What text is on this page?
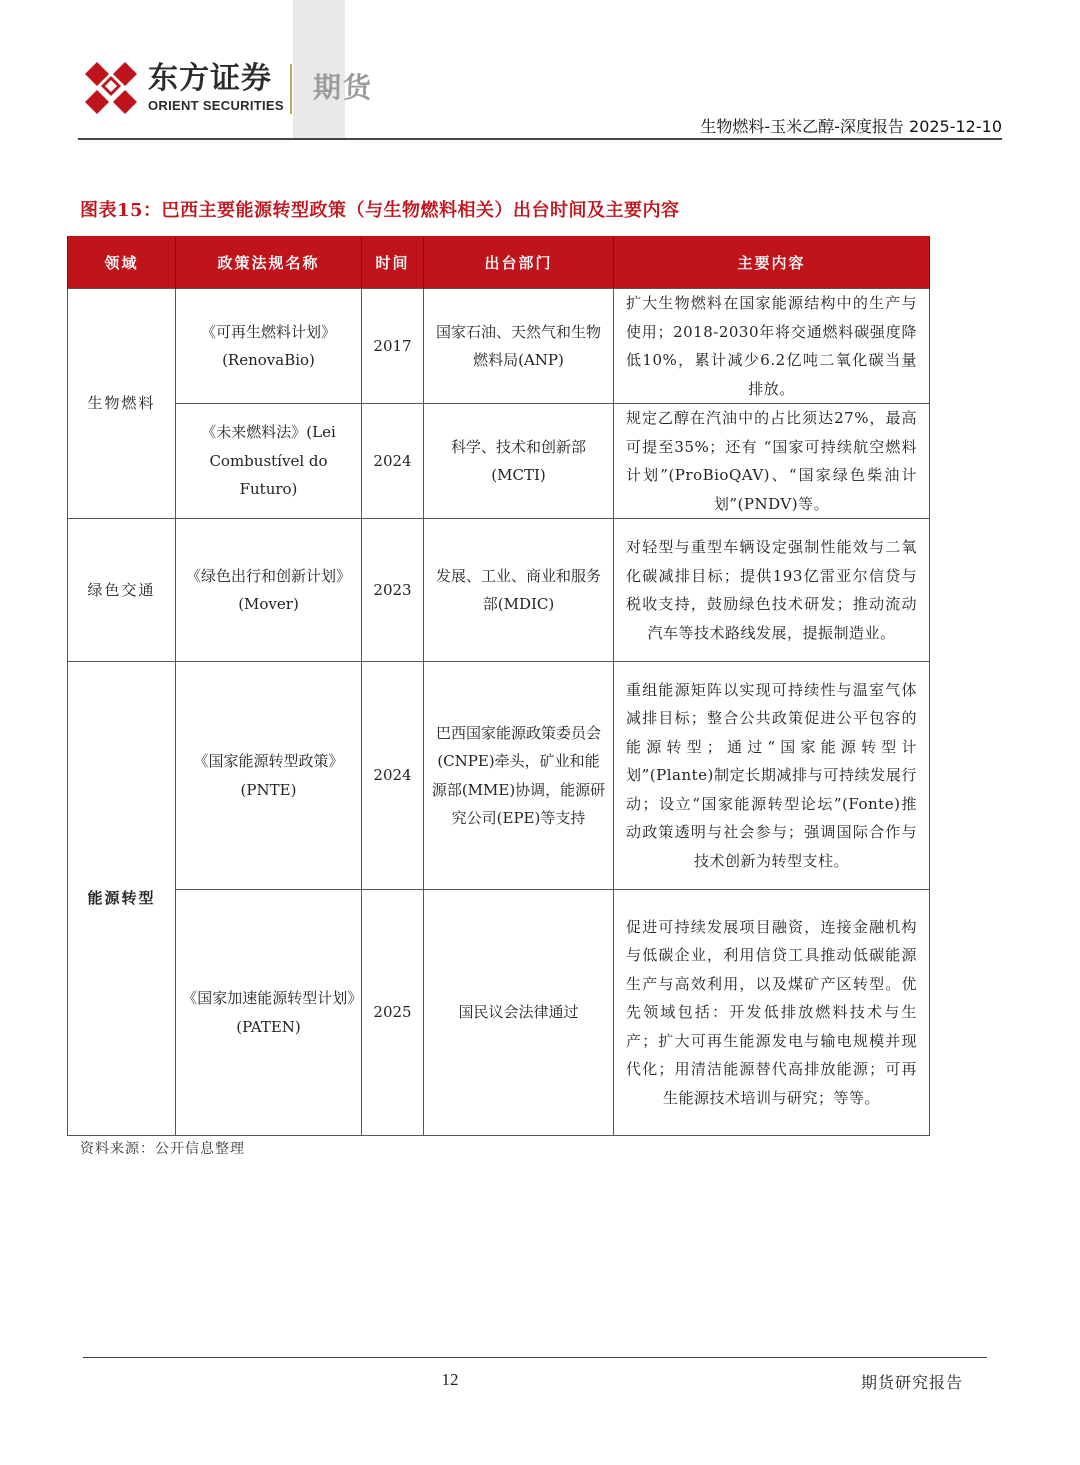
东方证券
ORIENT SECURITIES
期货
生物燃料-玉米乙醇-深度报告 2025-12-10
图表15：巴西主要能源转型政策（与生物燃料相关）出台时间及主要内容
领域	政策法规名称	时间	出台部门	主要内容
生物燃料	《可再生燃料计划》(RenovaBio)	2017	国家石油、天然气和生物燃料局(ANP)	扩大生物燃料在国家能源结构中的生产与使用；2018-2030年将交通燃料碳强度降低10%，累计减少6.2亿吨二氧化碳当量排放。
	《未来燃料法》(Lei Combustível do Futuro)	2024	科学、技术和创新部(MCTI)	规定乙醇在汽油中的占比须达27%，最高可提至35%；还有 “国家可持续航空燃料计划”(ProBioQAV)、“国家绿色柴油计划”(PNDV)等。
绿色交通	《绿色出行和创新计划》(Mover)	2023	发展、工业、商业和服务部(MDIC)	对轻型与重型车辆设定强制性能效与二氧化碳减排目标；提供193亿雷亚尔信贷与税收支持，鼓励绿色技术研发；推动流动汽车等技术路线发展，提振制造业。
能源转型	《国家能源转型政策》(PNTE)	2024	巴西国家能源政策委员会(CNPE)牵头，矿业和能源部(MME)协调，能源研究公司(EPE)等支持	重组能源矩阵以实现可持续性与温室气体减排目标；整合公共政策促进公平包容的能源转型；通过“国家能源转型计划”(Plante)制定长期减排与可持续发展行动；设立“国家能源转型论坛”(Fonte)推动政策透明与社会参与；强调国际合作与技术创新为转型支柱。
	《国家加速能源转型计划》(PATEN)	2025	国民议会法律通过	促进可持续发展项目融资，连接金融机构与低碳企业，利用信贷工具推动低碳能源生产与高效利用，以及煤矿产区转型。优先领域包括：开发低排放燃料技术与生产；扩大可再生能源发电与输电规模并现代化；用清洁能源替代高排放能源；可再生能源技术培训与研究；等等。
资料来源：公开信息整理
12	期货研究报告
